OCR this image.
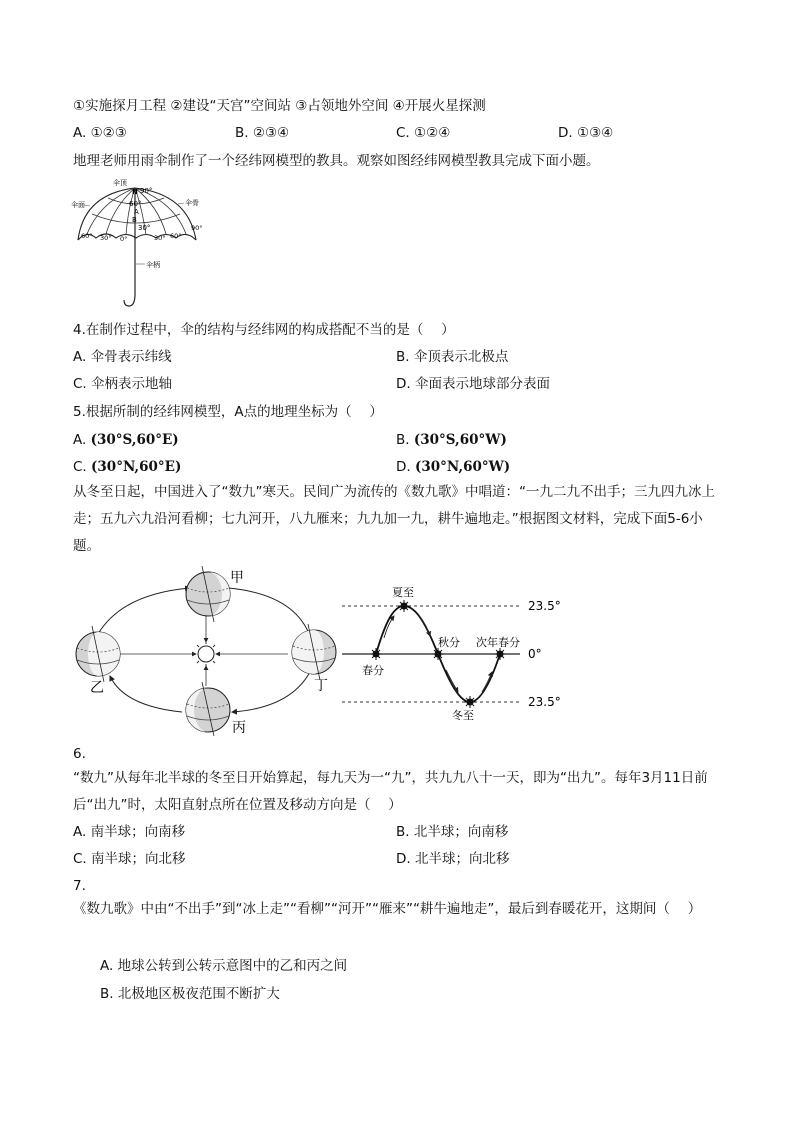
①实施探月工程 ②建设“天宫”空间站 ③占领地外空间 ④开展火星探测
A. ①②③	B. ②③④	C. ①②④	D. ①③④
地理老师用雨伞制作了一个经纬网模型的教具。观察如图经纬网模型教具完成下面小题。
伞顶
N 90°
伞面	伞骨
60°
A
B
30°
60° 30° 0°	30° 60°
90°
伞柄
4.在制作过程中，伞的结构与经纬网的构成搭配不当的是（　 ）
A. 伞骨表示纬线	B. 伞顶表示北极点
C. 伞柄表示地轴	D. 伞面表示地球部分表面
5.根据所制的经纬网模型，A点的地理坐标为（　 ）
A. (30°S,60°E)	B. (30°S,60°W)
C. (30°N,60°E)	D. (30°N,60°W)
从冬至日起，中国进入了“数九”寒天。民间广为流传的《数九歌》中唱道：“一九二九不出手；三九四九冰上走；五九六九沿河看柳；七九河开，八九雁来；九九加一九，耕牛遍地走。”根据图文材料，完成下面5-6小题。
甲
乙
丙
丁
夏至
春分
秋分 次年春分
冬至
23.5°
0°
23.5°
6.
“数九”从每年北半球的冬至日开始算起，每九天为一“九”，共九九八十一天，即为“出九”。每年3月11日前后“出九”时，太阳直射点所在位置及移动方向是（　 ）
A. 南半球；向南移	B. 北半球；向南移
C. 南半球；向北移	D. 北半球；向北移
7.
《数九歌》中由“不出手”到“冰上走”“看柳”“河开”“雁来”“耕牛遍地走”，最后到春暖花开，这期间（　 ）
A. 地球公转到公转示意图中的乙和丙之间
B. 北极地区极夜范围不断扩大
